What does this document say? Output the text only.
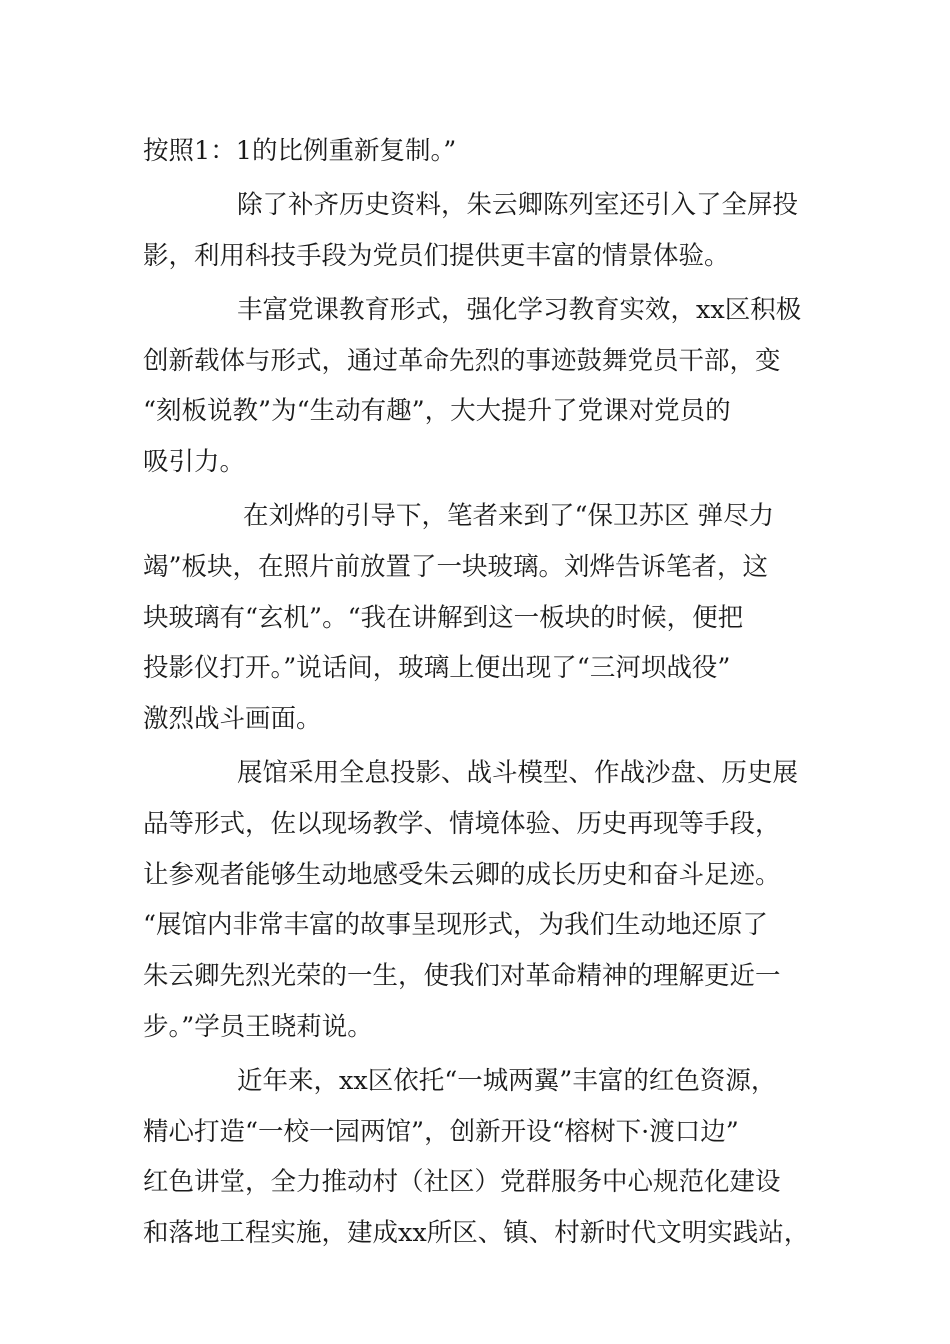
按照1：1的比例重新复制。”
除了补齐历史资料，朱云卿陈列室还引入了全屏投
影，利用科技手段为党员们提供更丰富的情景体验。
丰富党课教育形式，强化学习教育实效，xx区积极
创新载体与形式，通过革命先烈的事迹鼓舞党员干部，变
“刻板说教”为“生动有趣”，大大提升了党课对党员的
吸引力。
在刘烨的引导下，笔者来到了“保卫苏区 弹尽力
竭”板块，在照片前放置了一块玻璃。刘烨告诉笔者，这
块玻璃有“玄机”。“我在讲解到这一板块的时候，便把
投影仪打开。”说话间，玻璃上便出现了“三河坝战役”
激烈战斗画面。
展馆采用全息投影、战斗模型、作战沙盘、历史展
品等形式，佐以现场教学、情境体验、历史再现等手段，
让参观者能够生动地感受朱云卿的成长历史和奋斗足迹。
“展馆内非常丰富的故事呈现形式，为我们生动地还原了
朱云卿先烈光荣的一生，使我们对革命精神的理解更近一
步。”学员王晓莉说。
近年来，xx区依托“一城两翼”丰富的红色资源，
精心打造“一校一园两馆”，创新开设“榕树下·渡口边”
红色讲堂，全力推动村（社区）党群服务中心规范化建设
和落地工程实施，建成xx所区、镇、村新时代文明实践站，
